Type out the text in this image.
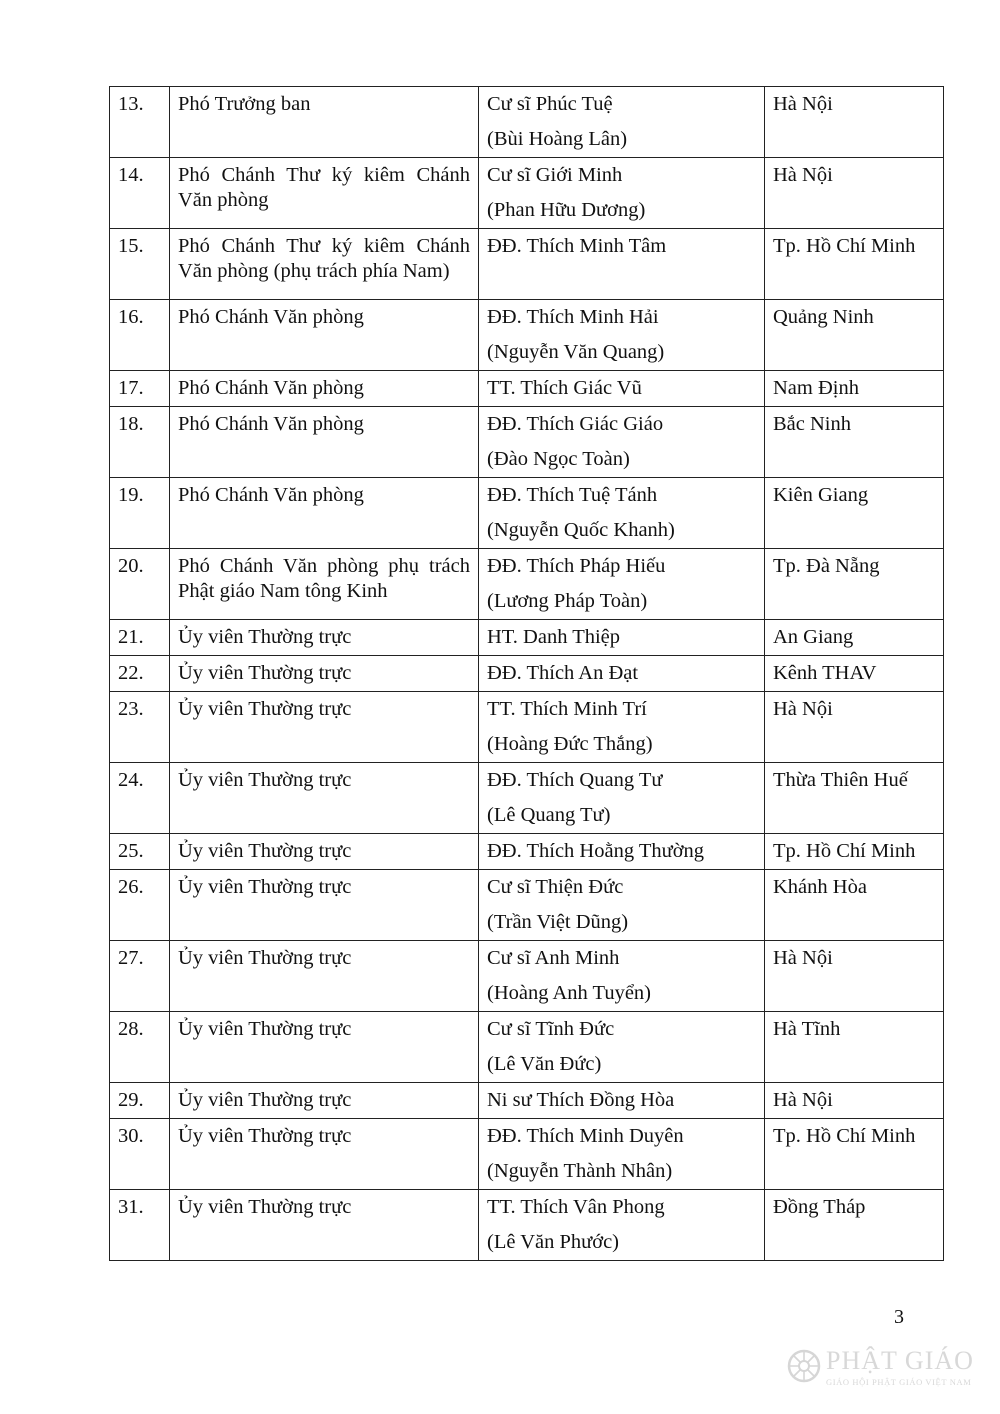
13.	Phó Trưởng ban	Cư sĩ Phúc Tuệ
(Bùi Hoàng Lân)	Hà Nội
14.	Phó Chánh Thư ký kiêm Chánh Văn phòng	Cư sĩ Giới Minh
(Phan Hữu Dương)	Hà Nội
15.	Phó Chánh Thư ký kiêm Chánh Văn phòng (phụ trách phía Nam)	ĐĐ. Thích Minh Tâm	Tp. Hồ Chí Minh
16.	Phó Chánh Văn phòng	ĐĐ. Thích Minh Hải
(Nguyễn Văn Quang)	Quảng Ninh
17.	Phó Chánh Văn phòng	TT. Thích Giác Vũ	Nam Định
18.	Phó Chánh Văn phòng	ĐĐ. Thích Giác Giáo
(Đào Ngọc Toàn)	Bắc Ninh
19.	Phó Chánh Văn phòng	ĐĐ. Thích Tuệ Tánh
(Nguyễn Quốc Khanh)	Kiên Giang
20.	Phó Chánh Văn phòng phụ trách Phật giáo Nam tông Kinh	ĐĐ. Thích Pháp Hiếu
(Lương Pháp Toàn)	Tp. Đà Nẵng
21.	Ủy viên Thường trực	HT. Danh Thiệp	An Giang
22.	Ủy viên Thường trực	ĐĐ. Thích An Đạt	Kênh THAV
23.	Ủy viên Thường trực	TT. Thích Minh Trí
(Hoàng Đức Thắng)	Hà Nội
24.	Ủy viên Thường trực	ĐĐ. Thích Quang Tư
(Lê Quang Tư)	Thừa Thiên Huế
25.	Ủy viên Thường trực	ĐĐ. Thích Hoằng Thường	Tp. Hồ Chí Minh
26.	Ủy viên Thường trực	Cư sĩ Thiện Đức
(Trần Việt Dũng)	Khánh Hòa
27.	Ủy viên Thường trực	Cư sĩ Anh Minh
(Hoàng Anh Tuyển)	Hà Nội
28.	Ủy viên Thường trực	Cư sĩ Tĩnh Đức
(Lê Văn Đức)	Hà Tĩnh
29.	Ủy viên Thường trực	Ni sư Thích Đồng Hòa	Hà Nội
30.	Ủy viên Thường trực	ĐĐ. Thích Minh Duyên
(Nguyễn Thành Nhân)	Tp. Hồ Chí Minh
31.	Ủy viên Thường trực	TT. Thích Vân Phong
(Lê Văn Phước)	Đồng Tháp
3
PHẬT GIÁO
GIÁO HỘI PHẬT GIÁO VIỆT NAM
